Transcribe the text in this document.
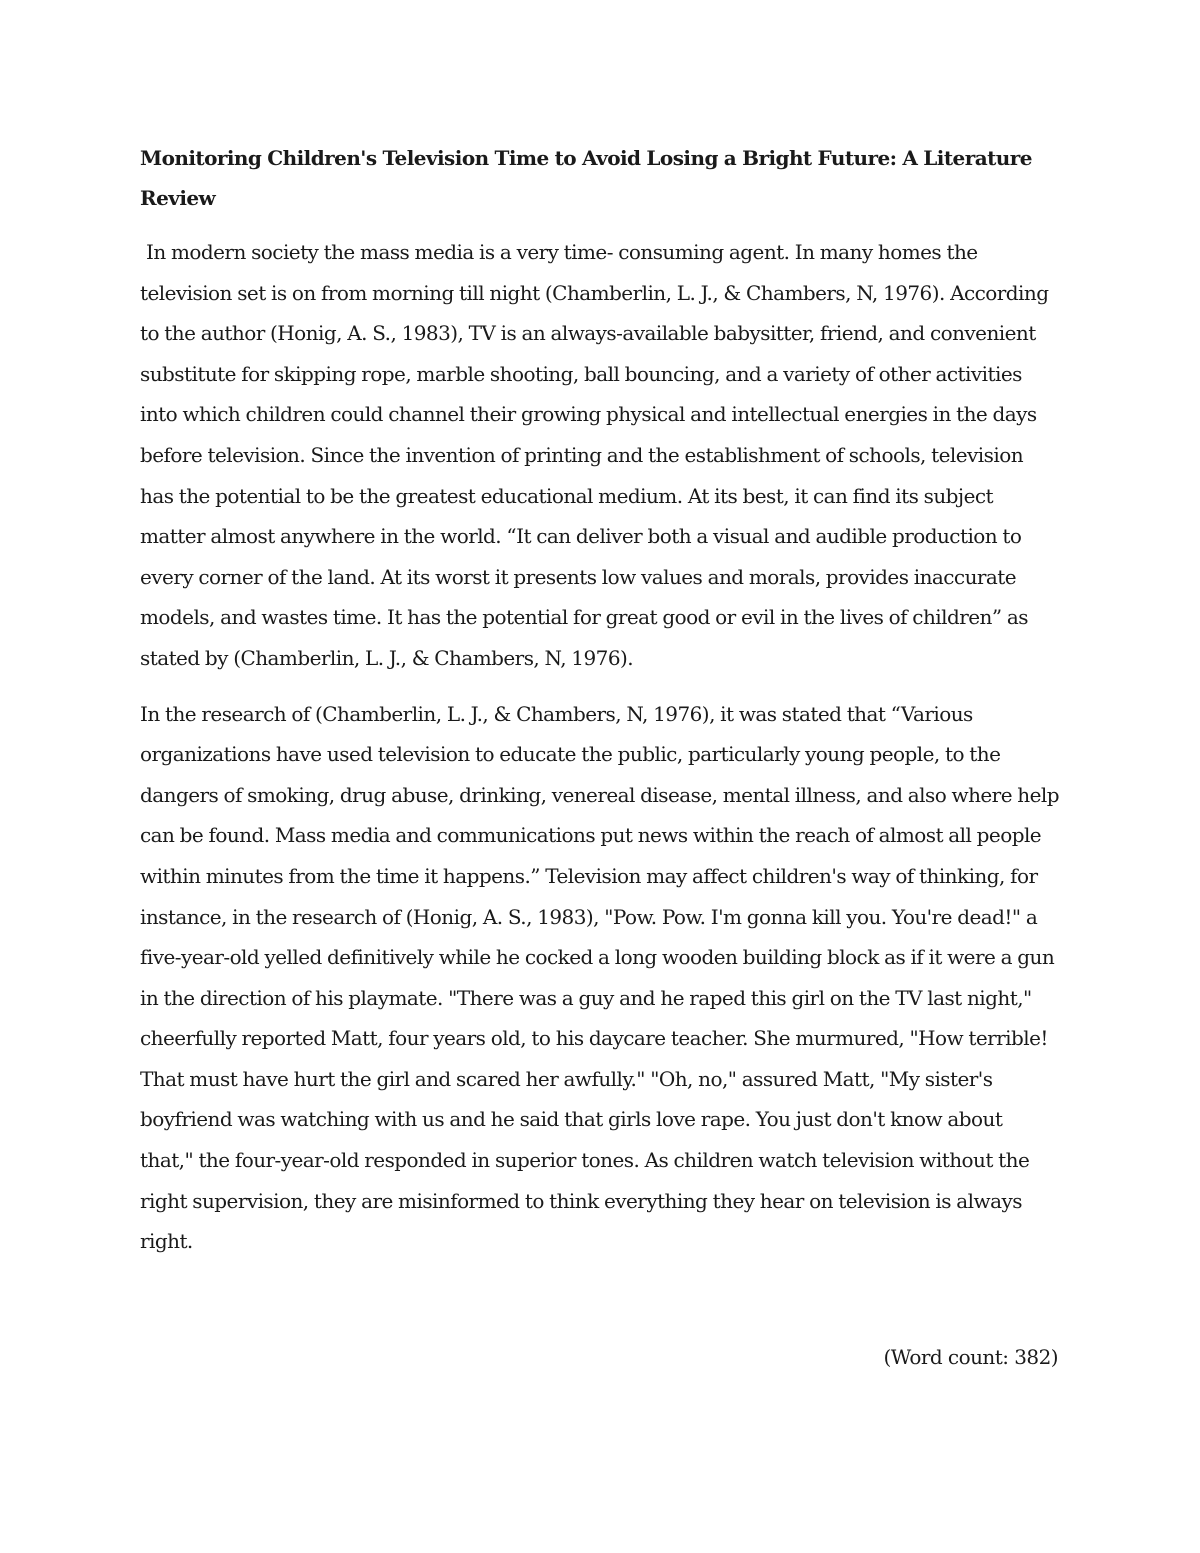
Monitoring Children's Television Time to Avoid Losing a Bright Future: A Literature Review

In modern society the mass media is a very time- consuming agent. In many homes the television set is on from morning till night (Chamberlin, L. J., & Chambers, N, 1976). According to the author (Honig, A. S., 1983), TV is an always-available babysitter, friend, and convenient substitute for skipping rope, marble shooting, ball bouncing, and a variety of other activities into which children could channel their growing physical and intellectual energies in the days before television. Since the invention of printing and the establishment of schools, television has the potential to be the greatest educational medium. At its best, it can find its subject matter almost anywhere in the world. “It can deliver both a visual and audible production to every corner of the land. At its worst it presents low values and morals, provides inaccurate models, and wastes time. It has the potential for great good or evil in the lives of children” as stated by (Chamberlin, L. J., & Chambers, N, 1976).

In the research of (Chamberlin, L. J., & Chambers, N, 1976), it was stated that “Various organizations have used television to educate the public, particularly young people, to the dangers of smoking, drug abuse, drinking, venereal disease, mental illness, and also where help can be found. Mass media and communications put news within the reach of almost all people within minutes from the time it happens.” Television may affect children's way of thinking, for instance, in the research of (Honig, A. S., 1983), "Pow. Pow. I'm gonna kill you. You're dead!" a five-year-old yelled definitively while he cocked a long wooden building block as if it were a gun in the direction of his playmate. "There was a guy and he raped this girl on the TV last night," cheerfully reported Matt, four years old, to his daycare teacher. She murmured, "How terrible! That must have hurt the girl and scared her awfully." "Oh, no," assured Matt, "My sister's boyfriend was watching with us and he said that girls love rape. You just don't know about that," the four-year-old responded in superior tones. As children watch television without the right supervision, they are misinformed to think everything they hear on television is always right.

(Word count: 382)
